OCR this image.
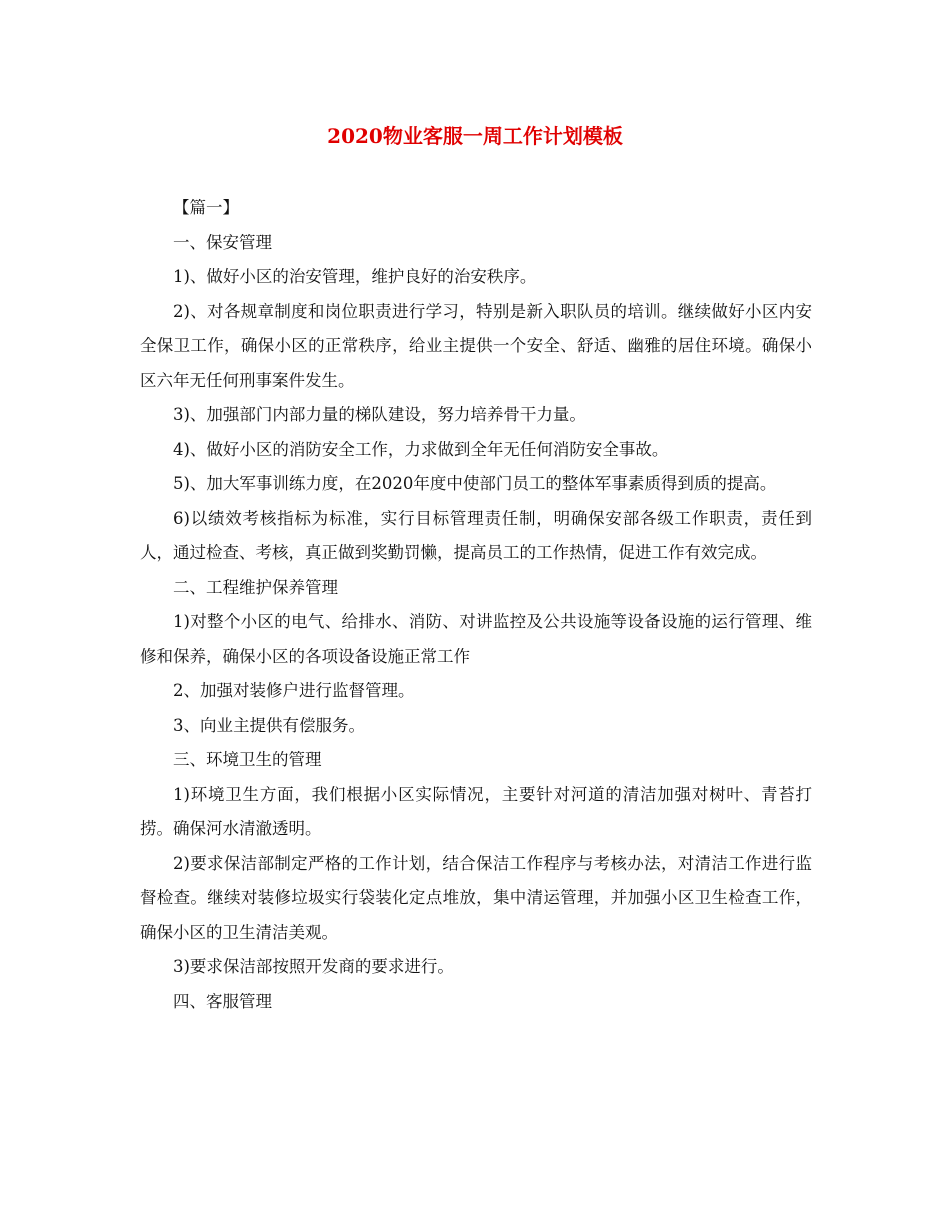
2020物业客服一周工作计划模板

【篇一】

一、保安管理

1)、做好小区的治安管理，维护良好的治安秩序。

2)、对各规章制度和岗位职责进行学习，特别是新入职队员的培训。继续做好小区内安全保卫工作，确保小区的正常秩序，给业主提供一个安全、舒适、幽雅的居住环境。确保小区六年无任何刑事案件发生。

3)、加强部门内部力量的梯队建设，努力培养骨干力量。

4)、做好小区的消防安全工作，力求做到全年无任何消防安全事故。

5)、加大军事训练力度，在2020年度中使部门员工的整体军事素质得到质的提高。

6)以绩效考核指标为标准，实行目标管理责任制，明确保安部各级工作职责，责任到人，通过检查、考核，真正做到奖勤罚懒，提高员工的工作热情，促进工作有效完成。

二、工程维护保养管理

1)对整个小区的电气、给排水、消防、对讲监控及公共设施等设备设施的运行管理、维修和保养，确保小区的各项设备设施正常工作

2、加强对装修户进行监督管理。

3、向业主提供有偿服务。

三、环境卫生的管理

1)环境卫生方面，我们根据小区实际情况，主要针对河道的清洁加强对树叶、青苔打捞。确保河水清澈透明。

2)要求保洁部制定严格的工作计划，结合保洁工作程序与考核办法，对清洁工作进行监督检查。继续对装修垃圾实行袋装化定点堆放，集中清运管理，并加强小区卫生检查工作，确保小区的卫生清洁美观。

3)要求保洁部按照开发商的要求进行。

四、客服管理
